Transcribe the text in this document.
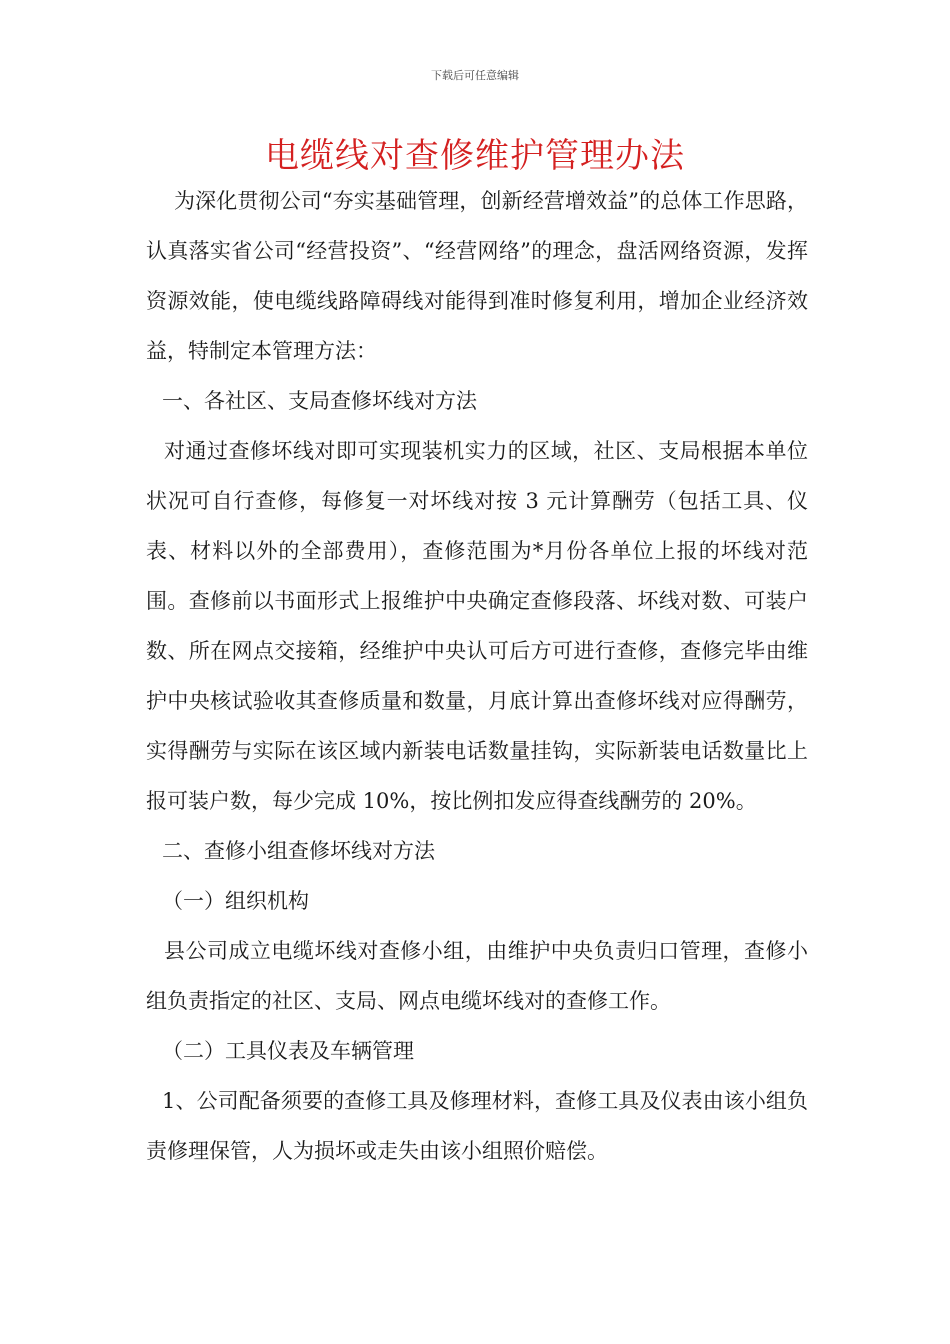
下载后可任意编辑
电缆线对查修维护管理办法

为深化贯彻公司“夯实基础管理，创新经营增效益”的总体工作思路，认真落实省公司“经营投资”、“经营网络”的理念，盘活网络资源，发挥资源效能，使电缆线路障碍线对能得到准时修复利用，增加企业经济效益，特制定本管理方法：

一、各社区、支局查修坏线对方法

对通过查修坏线对即可实现装机实力的区域，社区、支局根据本单位状况可自行查修，每修复一对坏线对按 3 元计算酬劳（包括工具、仪表、材料以外的全部费用），查修范围为*月份各单位上报的坏线对范围。查修前以书面形式上报维护中央确定查修段落、坏线对数、可装户数、所在网点交接箱，经维护中央认可后方可进行查修，查修完毕由维护中央核试验收其查修质量和数量，月底计算出查修坏线对应得酬劳，实得酬劳与实际在该区域内新装电话数量挂钩，实际新装电话数量比上报可装户数，每少完成 10%，按比例扣发应得查线酬劳的 20%。

二、查修小组查修坏线对方法

（一）组织机构

县公司成立电缆坏线对查修小组，由维护中央负责归口管理，查修小组负责指定的社区、支局、网点电缆坏线对的查修工作。

（二）工具仪表及车辆管理

1、公司配备须要的查修工具及修理材料，查修工具及仪表由该小组负责修理保管，人为损坏或走失由该小组照价赔偿。
